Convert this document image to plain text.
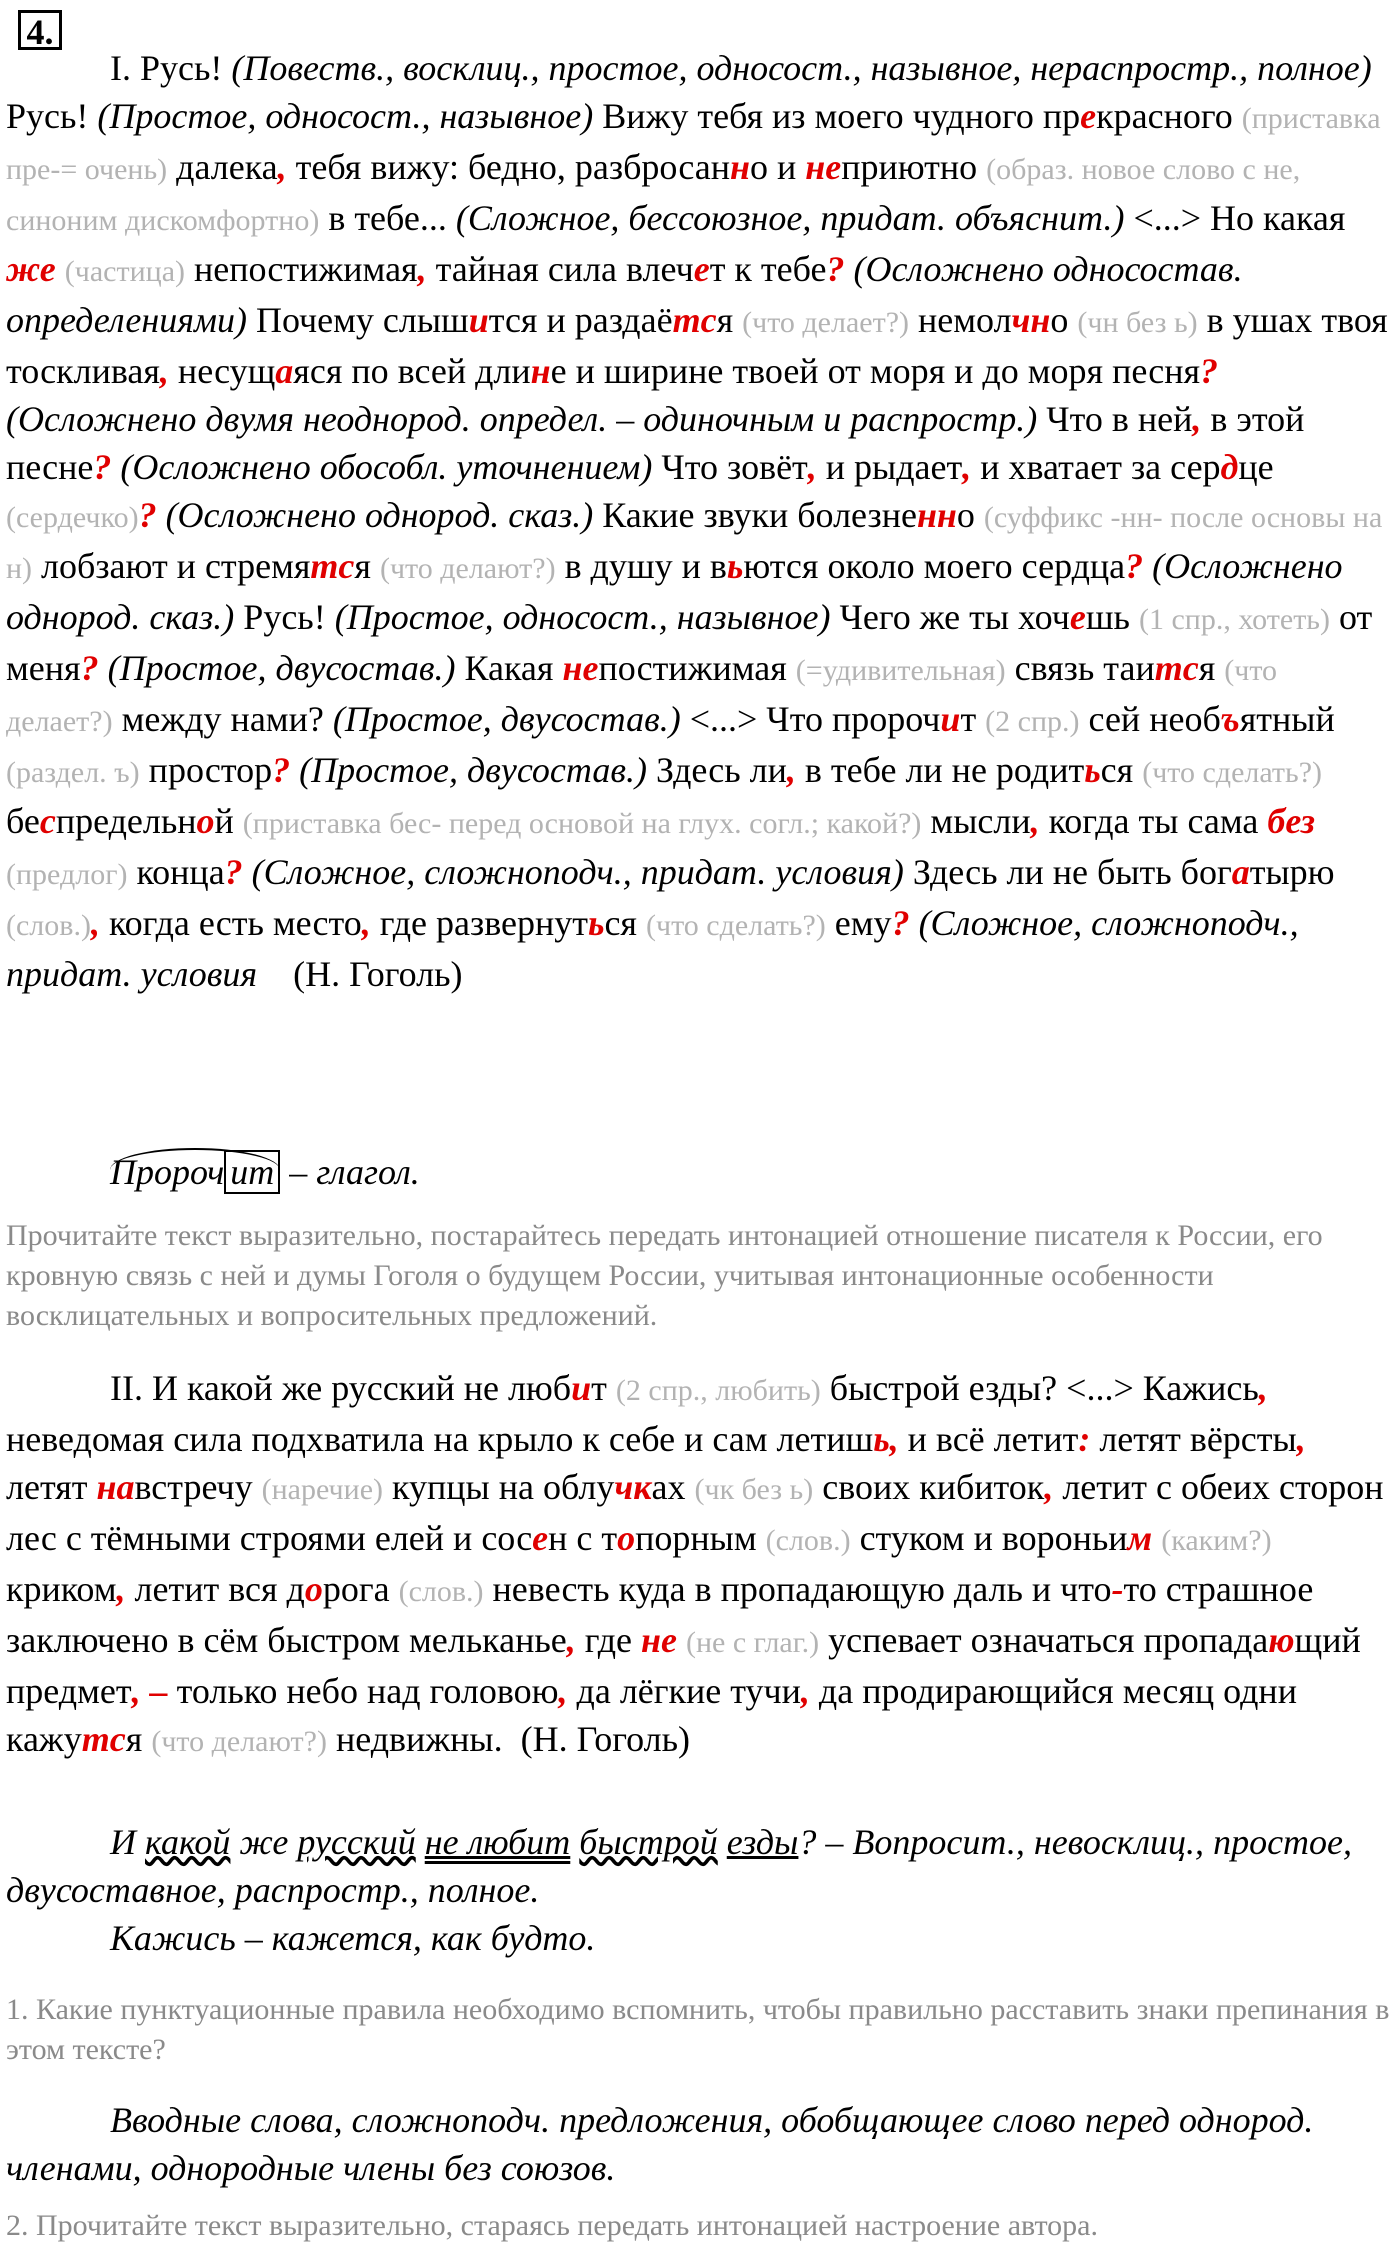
4.
I. Русь! (Повеств., восклиц., простое, односост., назывное, нераспростр., полное) Русь! (Простое, односост., назывное) Вижу тебя из моего чудного прекрасного (приставка пре-= очень) далека, тебя вижу: бедно, разбросанно и неприютно (образ. новое слово с не, синоним дискомфортно) в тебе... (Сложное, бессоюзное, придат. объяснит.) <...> Но какая же (частица) непостижимая, тайная сила влечет к тебе? (Осложнено односостав. определениями) Почему слышится и раздаётся (что делает?) немолчно (чн без ь) в ушах твоя тоскливая, несущаяся по всей длине и ширине твоей от моря и до моря песня? (Осложнено двумя неоднород. определ. – одиночным и распростр.) Что в ней, в этой песне? (Осложнено обособл. уточнением) Что зовёт, и рыдает, и хватает за сердце (сердечко)? (Осложнено однород. сказ.) Какие звуки болезненно (суффикс -нн- после основы на н) лобзают и стремятся (что делают?) в душу и вьются около моего сердца? (Осложнено однород. сказ.) Русь! (Простое, односост., назывное) Чего же ты хочешь (1 спр., хотеть) от меня? (Простое, двусостав.) Какая непостижимая (=удивительная) связь таится (что делает?) между нами? (Простое, двусостав.) <...> Что пророчит (2 спр.) сей необъятный (раздел. ъ) простор? (Простое, двусостав.) Здесь ли, в тебе ли не родиться (что сделать?) беспредельной (приставка бес- перед основой на глух. согл.; какой?) мысли, когда ты сама без (предлог) конца? (Сложное, сложноподч., придат. условия) Здесь ли не быть богатырю (слов.), когда есть место, где развернуться (что сделать?) ему? (Сложное, сложноподч., придат. условия (Н. Гоголь)
Пророч ит – глагол.
Прочитайте текст выразительно, постарайтесь передать интонацией отношение писателя к России, его кровную связь с ней и думы Гоголя о будущем России, учитывая интонационные особенности восклицательных и вопросительных предложений.
II. И какой же русский не любит (2 спр., любить) быстрой езды? <...> Кажись, неведомая сила подхватила на крыло к себе и сам летишь, и всё летит: летят вёрсты, летят навстречу (наречие) купцы на облучках (чк без ь) своих кибиток, летит с обеих сторон лес с тёмными строями елей и сосен с топорным (слов.) стуком и вороньим (каким?) криком, летит вся дорога (слов.) невесть куда в пропадающую даль и что-то страшное заключено в сём быстром мельканье, где не (не с глаг.) успевает означаться пропадающий предмет, – только небо над головою, да лёгкие тучи, да продирающийся месяц одни кажутся (что делают?) недвижны.  (Н. Гоголь)
И какой же русский не любит быстрой езды? – Вопросит., невосклиц., простое, двусоставное, распростр., полное.
Кажись – кажется, как будто.
1. Какие пунктуационные правила необходимо вспомнить, чтобы правильно расставить знаки препинания в этом тексте?
Вводные слова, сложноподч. предложения, обобщающее слово перед однород. членами, однородные члены без союзов.
2. Прочитайте текст выразительно, стараясь передать интонацией настроение автора.
